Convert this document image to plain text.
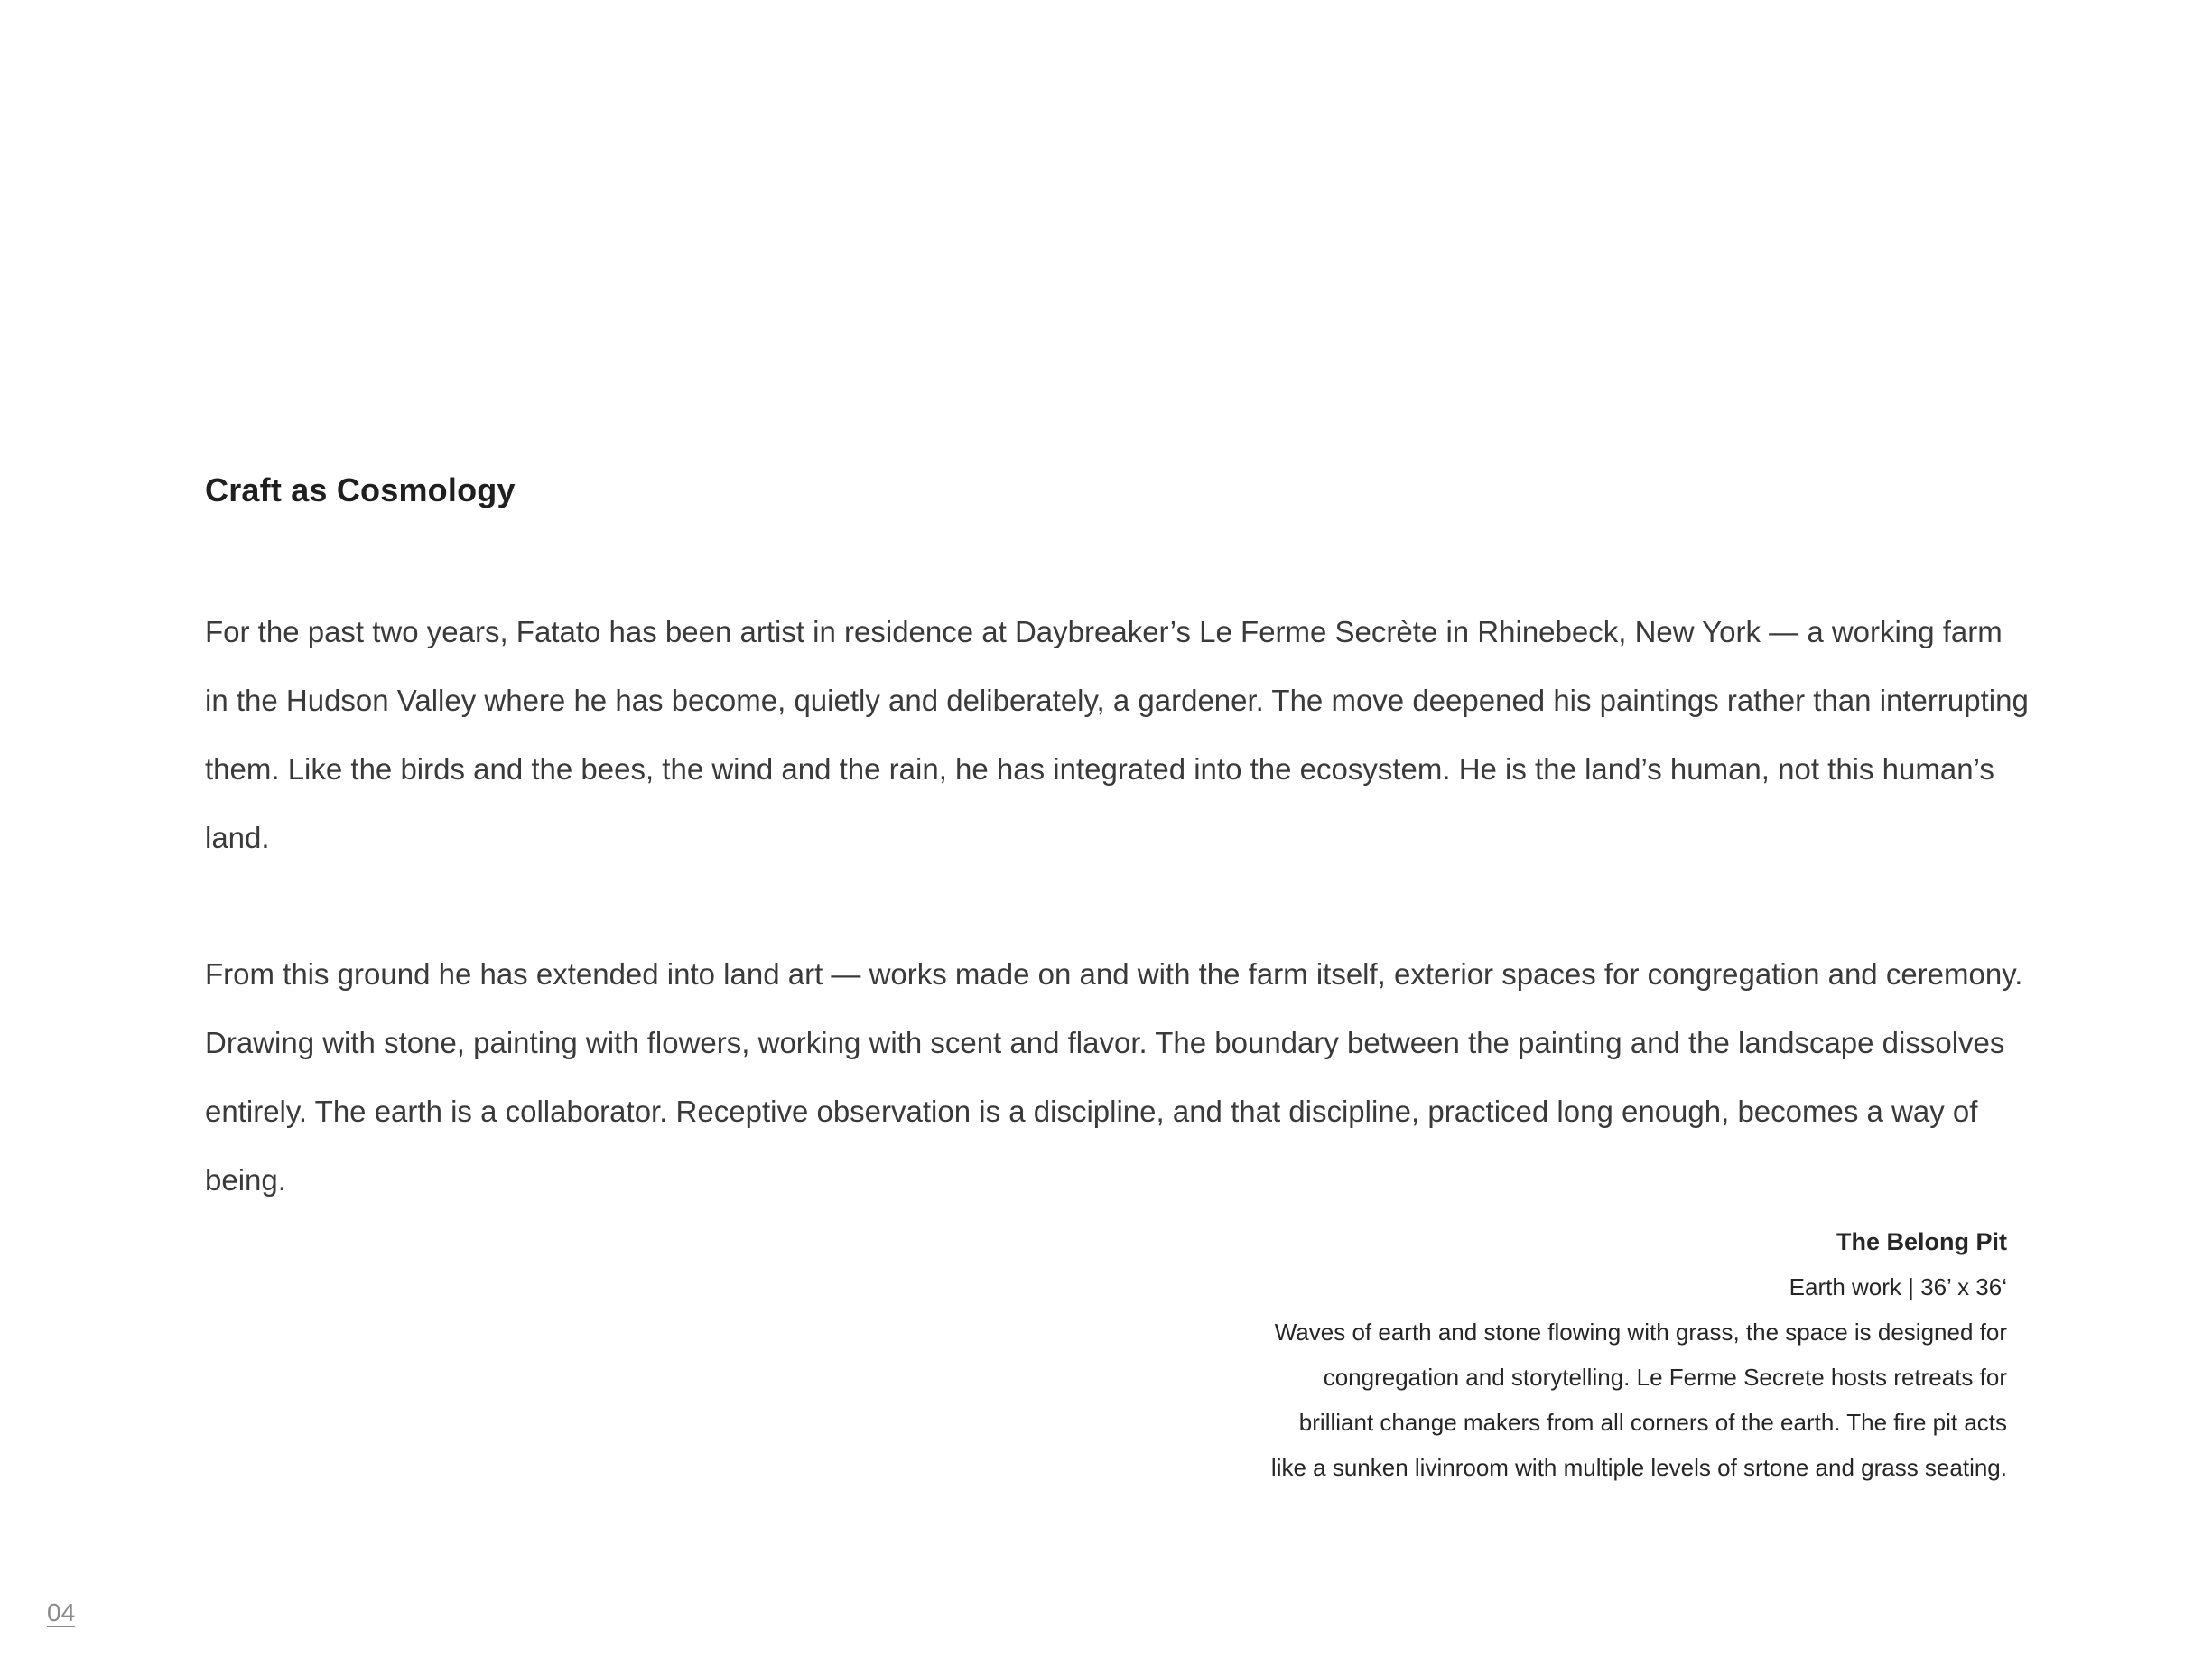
Craft as Cosmology

For the past two years, Fatato has been artist in residence at Daybreaker’s Le Ferme Secrète in Rhinebeck, New York — a working farm in the Hudson Valley where he has become, quietly and deliberately, a gardener. The move deepened his paintings rather than interrupting them. Like the birds and the bees, the wind and the rain, he has integrated into the ecosystem. He is the land’s human, not this human’s land.

From this ground he has extended into land art — works made on and with the farm itself, exterior spaces for congregation and ceremony. Drawing with stone, painting with flowers, working with scent and flavor. The boundary between the painting and the landscape dissolves entirely. The earth is a collaborator. Receptive observation is a discipline, and that discipline, practiced long enough, becomes a way of being.

The Belong Pit
Earth work | 36’ x 36‘
Waves of earth and stone flowing with grass, the space is designed for
congregation and storytelling. Le Ferme Secrete hosts retreats for
brilliant change makers from all corners of the earth. The fire pit acts
like a sunken livinroom with multiple levels of srtone and grass seating.
04
